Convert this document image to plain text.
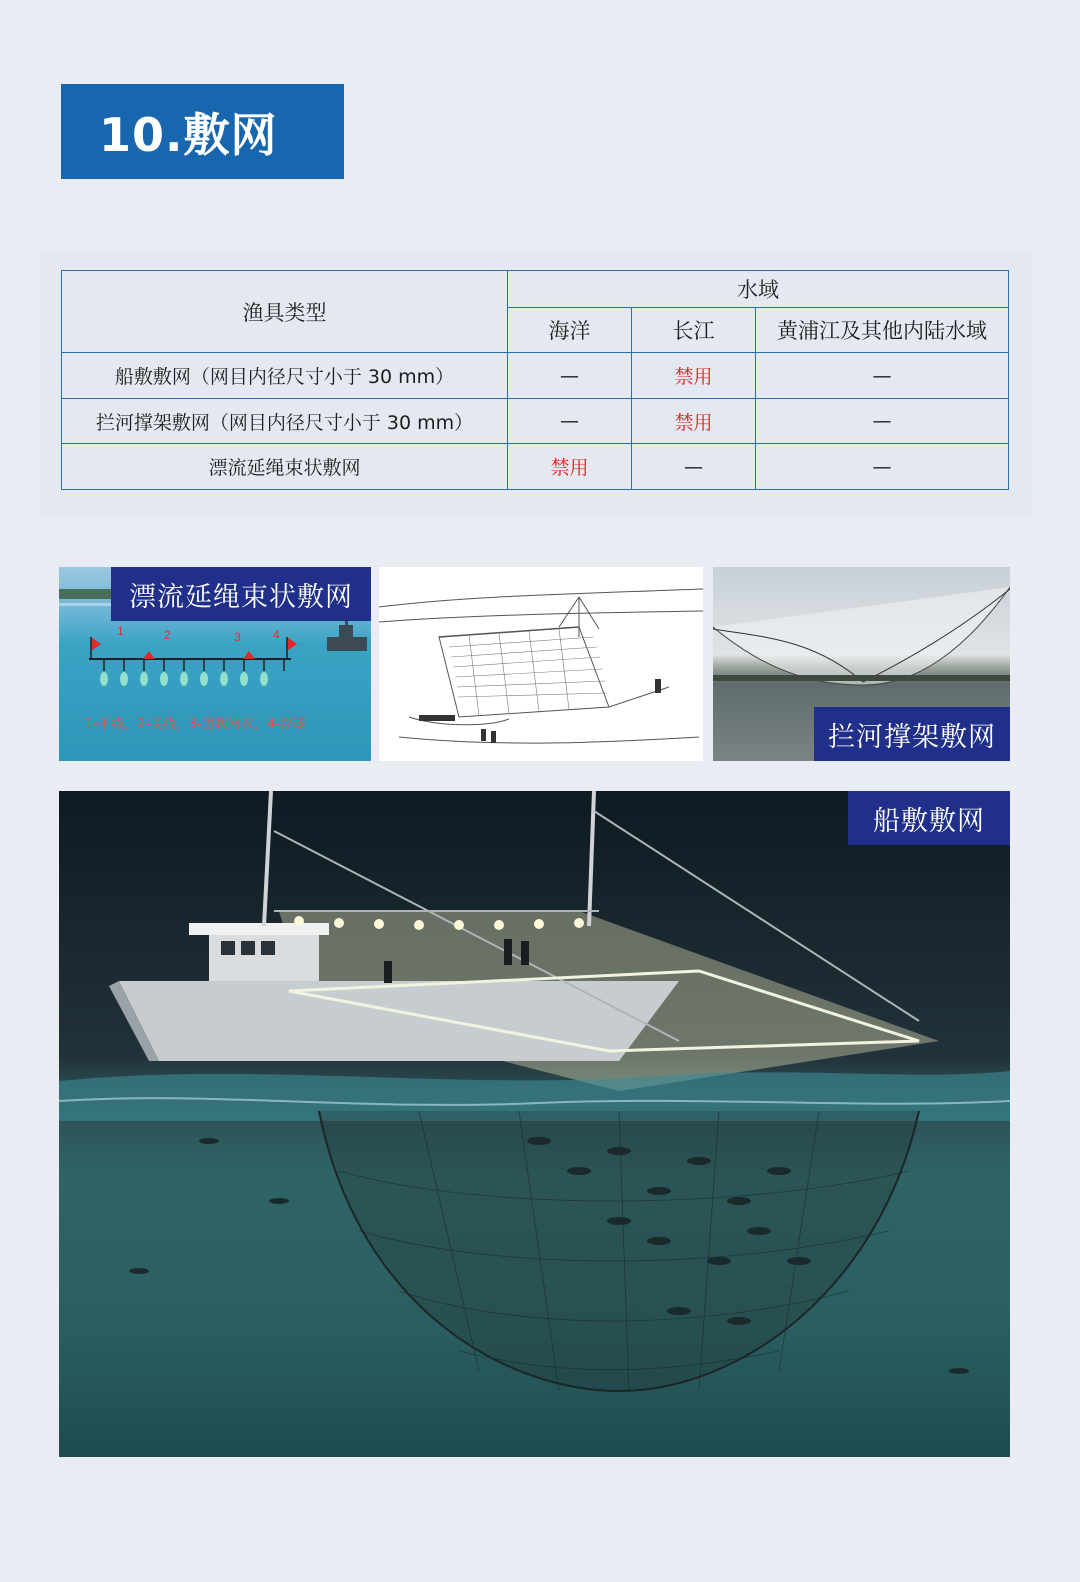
10.敷网
渔具类型	水域		
	海洋	长江	黄浦江及其他内陆水域
船敷敷网（网目内径尺寸小于 30 mm）	—	禁用	—
拦河撑架敷网（网目内径尺寸小于 30 mm）	—	禁用	—
漂流延绳束状敷网	禁用	—	—
1	2	3	4
1-干线，2-支线，3-团状网衣，4-浮球
漂流延绳束状敷网
拦河撑架敷网
船敷敷网
